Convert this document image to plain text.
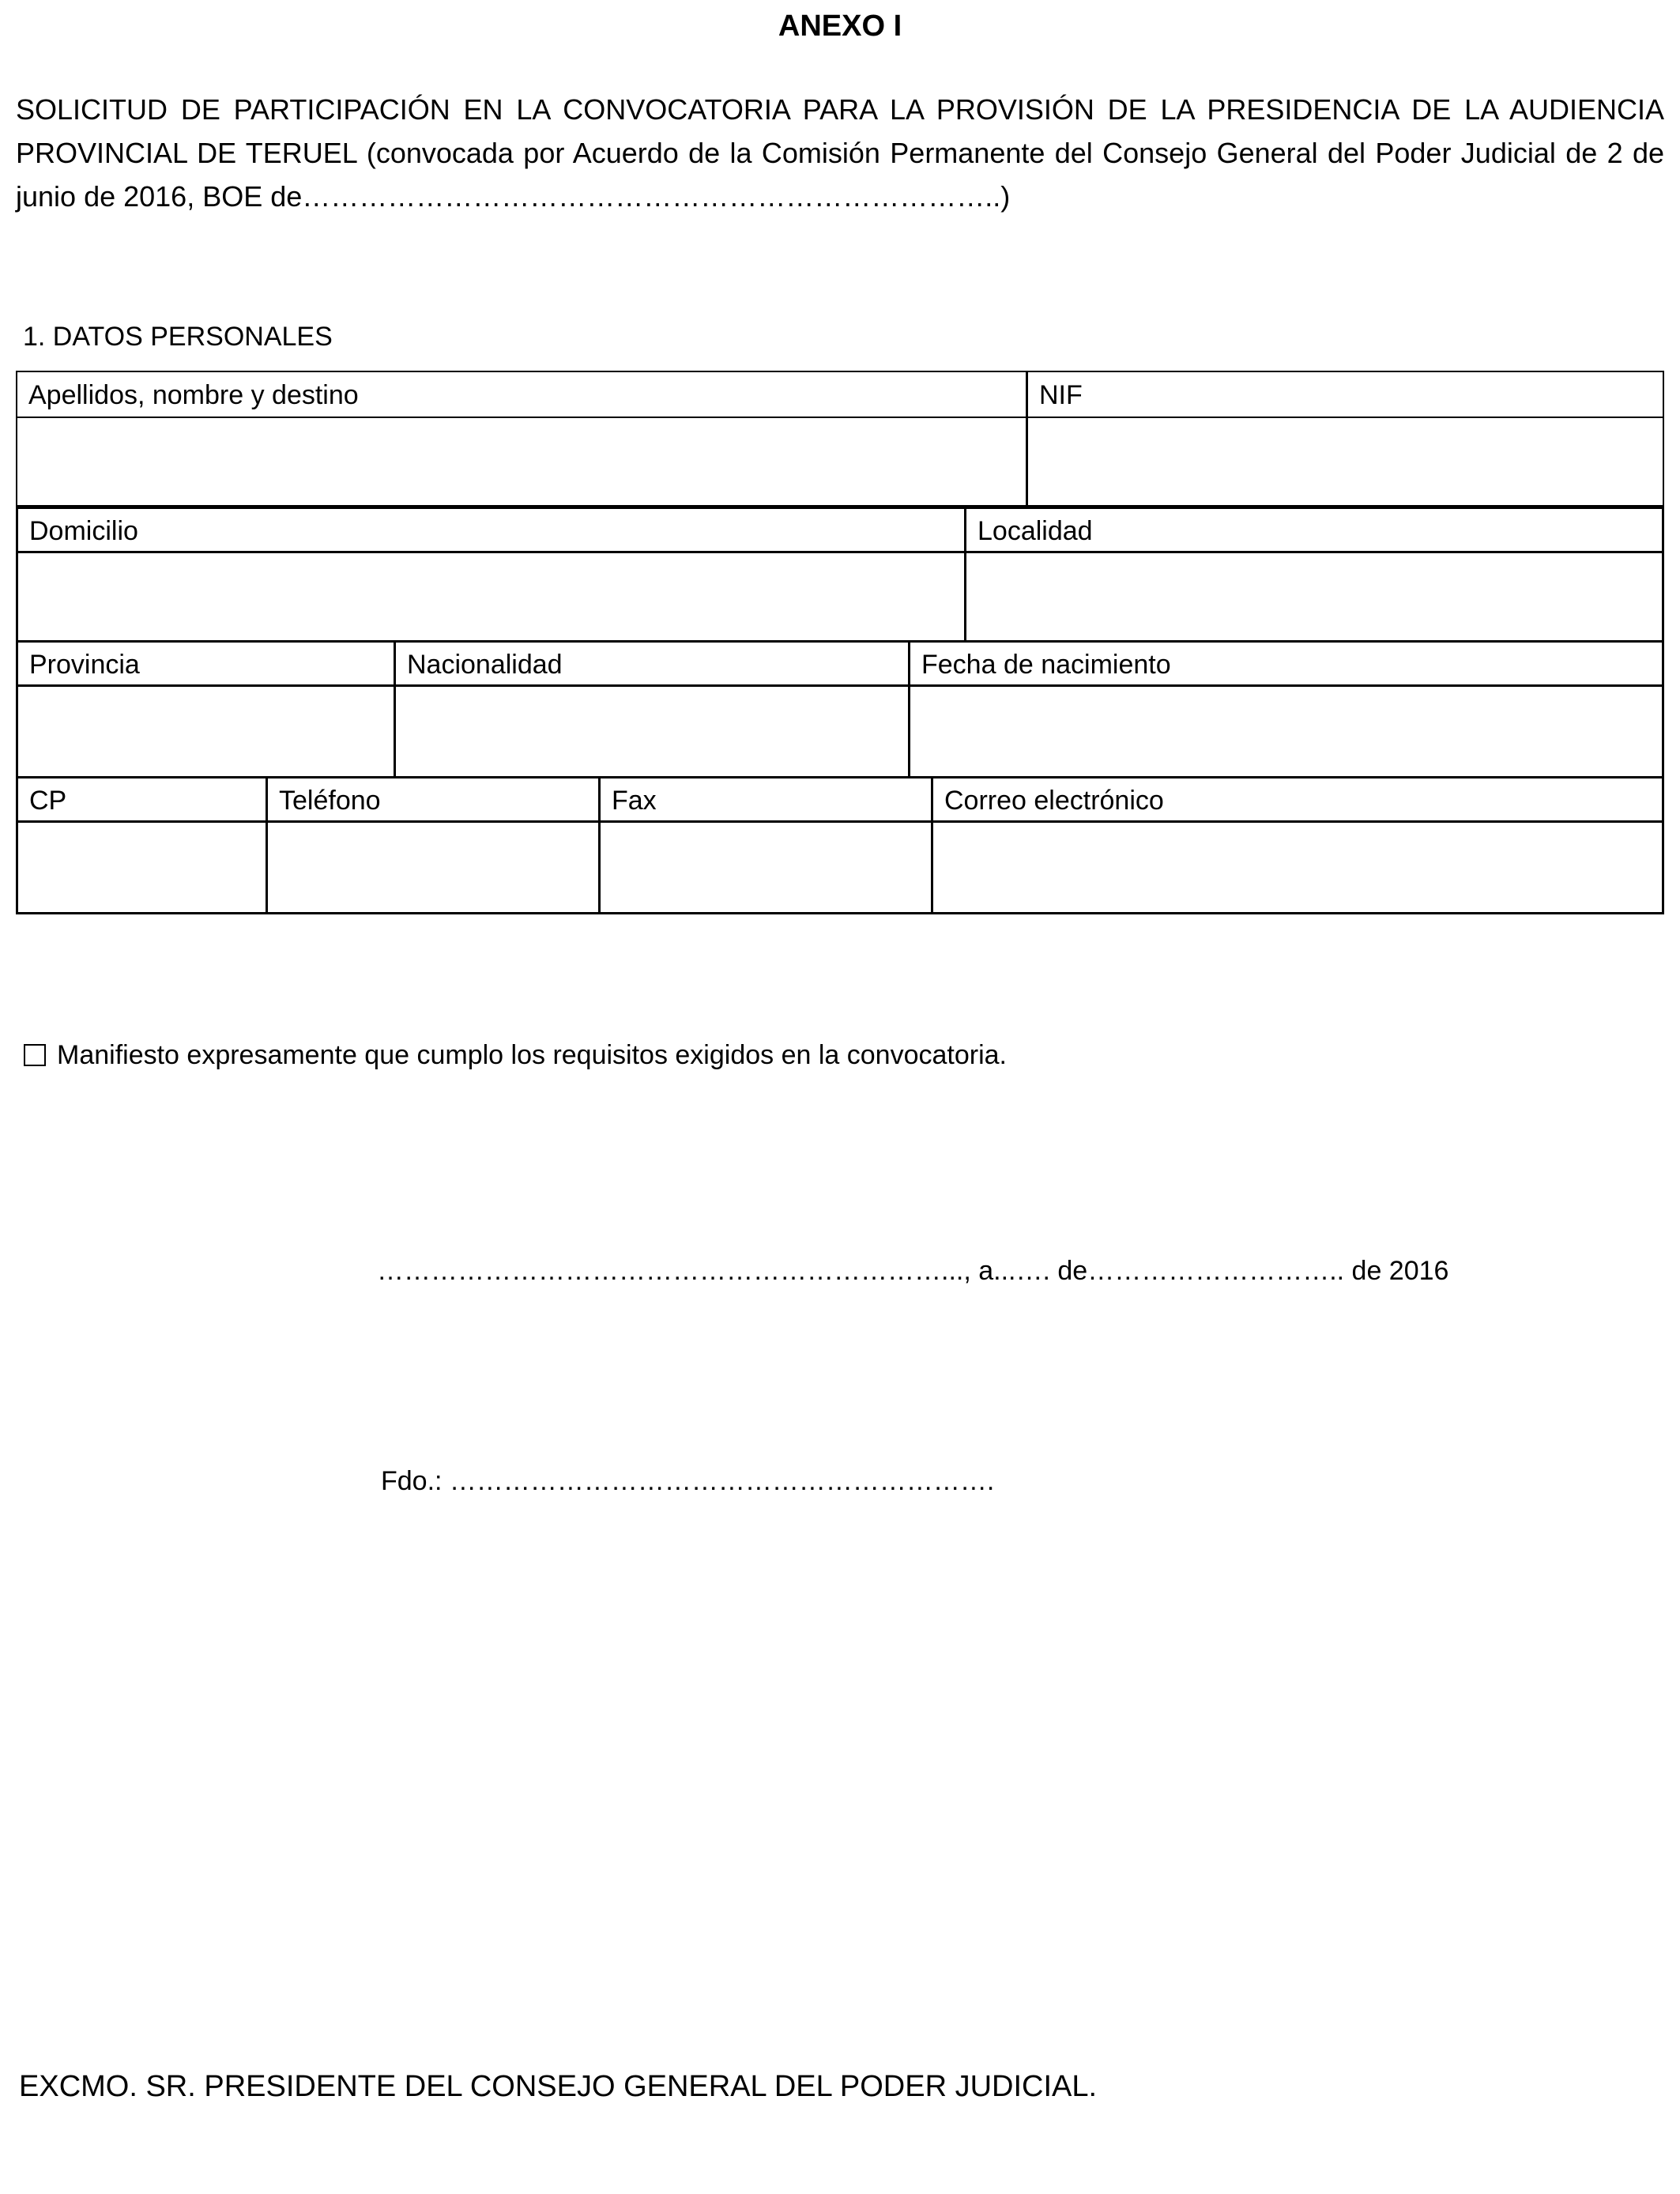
ANEXO I
SOLICITUD DE PARTICIPACIÓN EN LA CONVOCATORIA PARA LA PROVISIÓN DE LA PRESIDENCIA DE LA AUDIENCIA PROVINCIAL DE TERUEL (convocada por Acuerdo de la Comisión Permanente del Consejo General del Poder Judicial de 2 de junio de 2016, BOE de………………………………………………………………..)
1. DATOS PERSONALES
Apellidos, nombre y destino	NIF
Domicilio	Localidad
Provincia	Nacionalidad	Fecha de nacimiento
CP	Teléfono	Fax	Correo electrónico
Manifiesto expresamente que cumplo los requisitos exigidos en la convocatoria.
………………………………………………………..., a...…. de……………………….. de 2016
Fdo.: …………………………………………………….
EXCMO. SR. PRESIDENTE DEL CONSEJO GENERAL DEL PODER JUDICIAL.
